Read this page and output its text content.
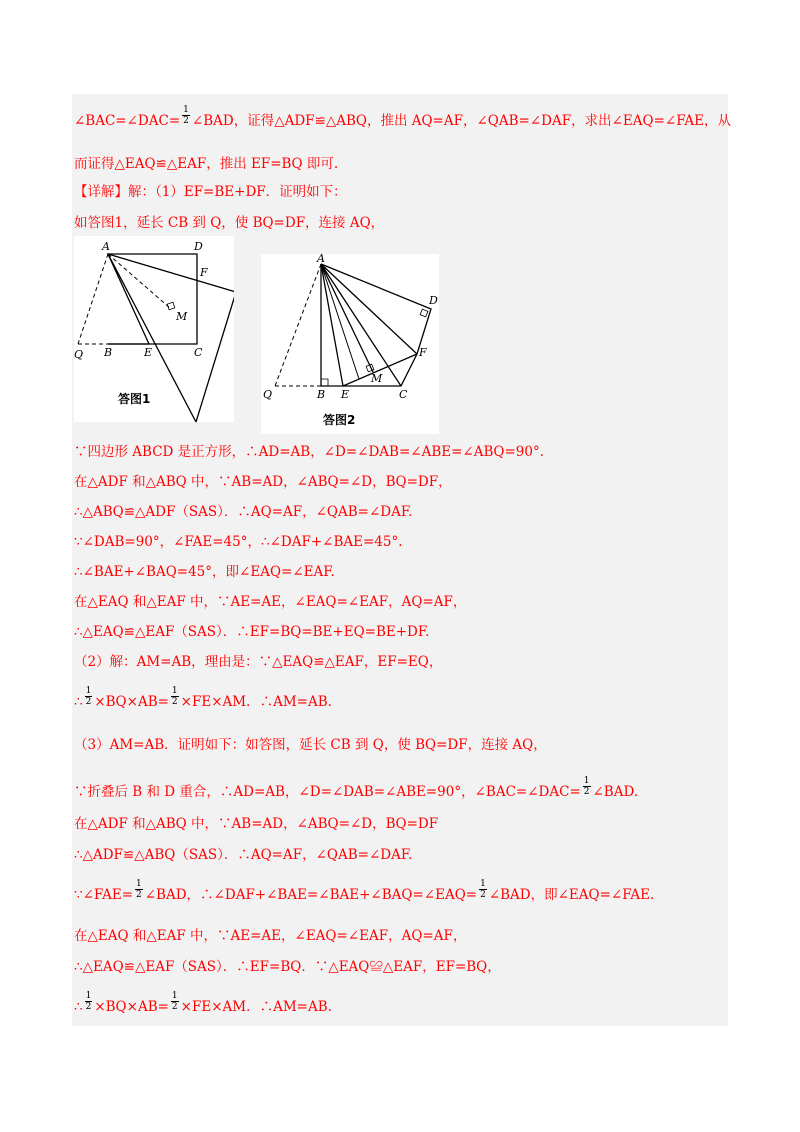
∠BAC=∠DAC= $\frac{1}{2}$ ∠BAD，证得△ADF≌△ABQ，推出 AQ=AF，∠QAB=∠DAF，求出∠EAQ=∠FAE，从
而证得△EAQ≌△EAF，推出 EF=BQ 即可.
【详解】解：（1）EF=BE+DF．证明如下：
如答图1，延长 CB 到 Q，使 BQ=DF，连接 AQ，
∵四边形 ABCD 是正方形，∴AD=AB，∠D=∠DAB=∠ABE=∠ABQ=90°.
在△ADF 和△ABQ 中，∵AB=AD，∠ABQ=∠D，BQ=DF，
∴△ABQ≌△ADF（SAS）．∴AQ=AF，∠QAB=∠DAF.
∵∠DAB=90°，∠FAE=45°，∴∠DAF+∠BAE=45°.
∴∠BAE+∠BAQ=45°，即∠EAQ=∠EAF.
在△EAQ 和△EAF 中，∵AE=AE，∠EAQ=∠EAF，AQ=AF，
∴△EAQ≌△EAF（SAS）．∴EF=BQ=BE+EQ=BE+DF.
（2）解：AM=AB，理由是：∵△EAQ≌△EAF，EF=EQ，
∴ $\frac{1}{2} \times BQ\times AB= \frac{1}{2} \times FE\times AM$．∴AM=AB.
（3）AM=AB．证明如下：如答图，延长 CB 到 Q，使 BQ=DF，连接 AQ，
∵折叠后 B 和 D 重合，∴AD=AB，∠D=∠DAB=∠ABE=90°，∠BAC=∠DAC= $\frac{1}{2}$ ∠BAD.
在△ADF 和△ABQ 中，∵AB=AD，∠ABQ=∠D，BQ=DF
∴△ADF≌△ABQ（SAS）．∴AQ=AF，∠QAB=∠DAF.
∵∠FAE= $\frac{1}{2}$ ∠BAD，∴∠DAF+∠BAE=∠BAE+∠BAQ=∠EAQ= $\frac{1}{2}$ ∠BAD，即∠EAQ=∠FAE.
在△EAQ 和△EAF 中，∵AE=AE，∠EAQ=∠EAF，AQ=AF，
∴△EAQ≌△EAF（SAS）．∴EF=BQ．∵△EAQ≌△EAF，EF=BQ，
∴ $\frac{1}{2} \times BQ\times AB= \frac{1}{2} \times FE\times AM$．∴AM=AB.
A	D
F
M
Q B	E	C
答图1
A
D
F
M
Q	B E	C
答图2
